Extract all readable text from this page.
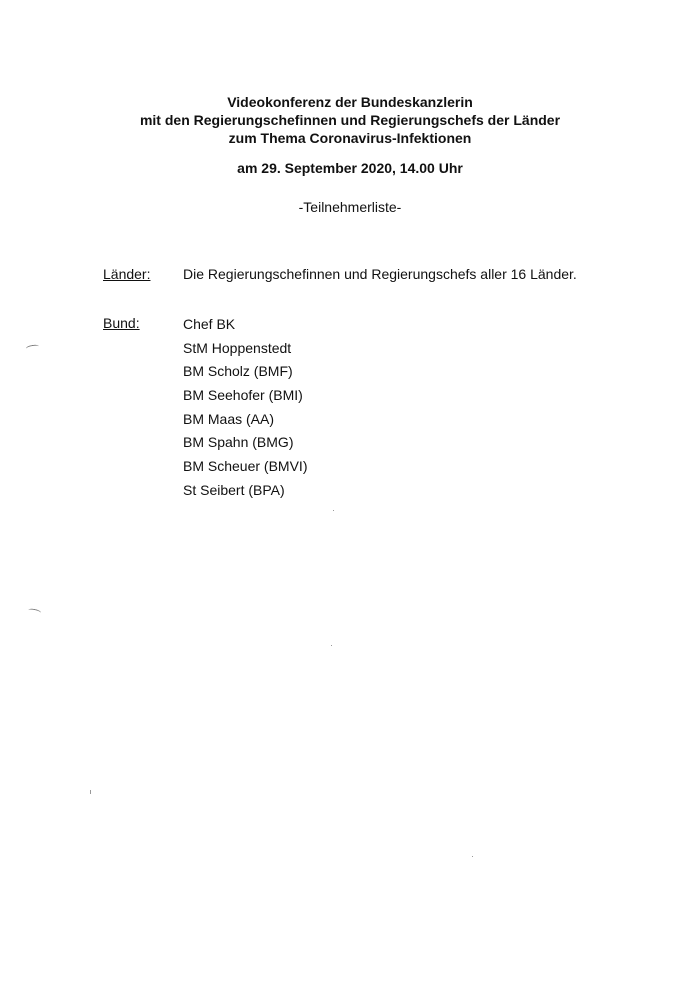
Videokonferenz der Bundeskanzlerin
mit den Regierungschefinnen und Regierungschefs der Länder
zum Thema Coronavirus-Infektionen
am 29. September 2020, 14.00 Uhr
-Teilnehmerliste-
Länder: Die Regierungschefinnen und Regierungschefs aller 16 Länder.
Bund:	Chef BK
StM Hoppenstedt
BM Scholz (BMF)
BM Seehofer (BMI)
BM Maas (AA)
BM Spahn (BMG)
BM Scheuer (BMVI)
St Seibert (BPA)
